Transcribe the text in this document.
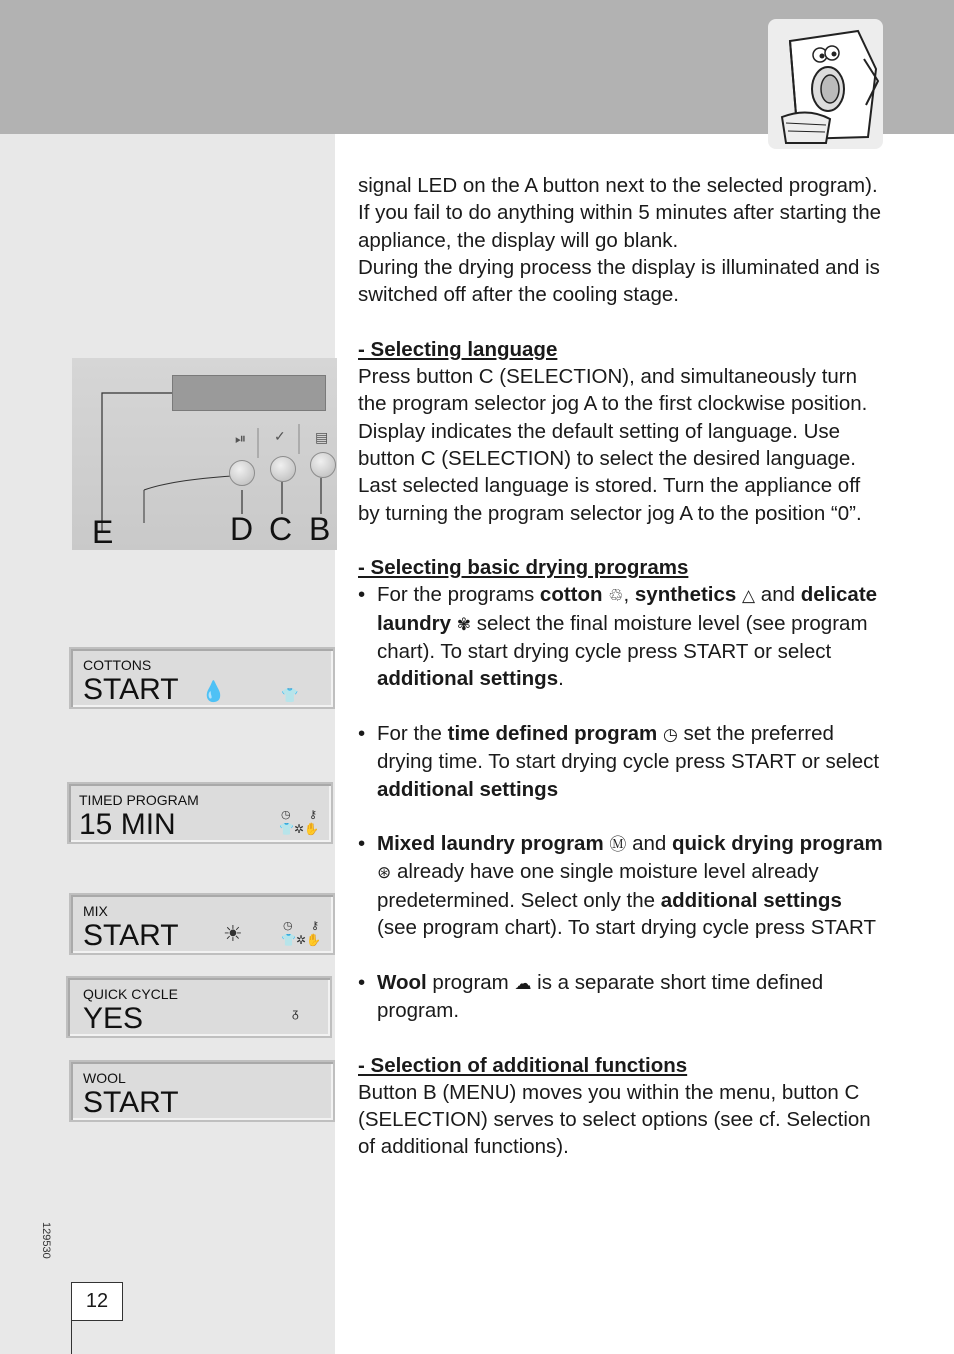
⏯ ✓ ▤
E	D C B
COTTONS
START 💧	👕
TIMED PROGRAM
15 MIN	◷ ⚷
👕✲✋
MIX
START ☀	◷ ⚷
👕✲✋
QUICK CYCLE
YES	ᵹ
WOOL
START

signal LED on the A button next to the selected program).

If you fail to do anything within 5 minutes after starting the appliance, the display will go blank.

During the drying process the display is illuminated and is switched off after the cooling stage.

- Selecting language

Press button C (SELECTION), and simultaneously turn the program selector jog A to the first clockwise position. Display indicates the default setting of language. Use button C (SELECTION) to select the desired language. Last selected language is stored. Turn the appliance off by turning the program selector jog A to the position “0”.

- Selecting basic drying programs

• For the programs cotton ♲, synthetics △ and delicate laundry ✾ select the final moisture level (see program chart). To start drying cycle press START or select additional settings.

• For the time defined program ◷ set the preferred drying time. To start drying cycle press START or select additional settings

• Mixed laundry program Ⓜ and quick drying program ⊛ already have one single moisture level already predetermined. Select only the additional settings (see program chart). To start drying cycle press START

• Wool program ☁ is a separate short time defined program.

- Selection of additional functions

Button B (MENU) moves you within the menu, button C (SELECTION) serves to select options (see cf. Selection of additional functions).

129530
12
